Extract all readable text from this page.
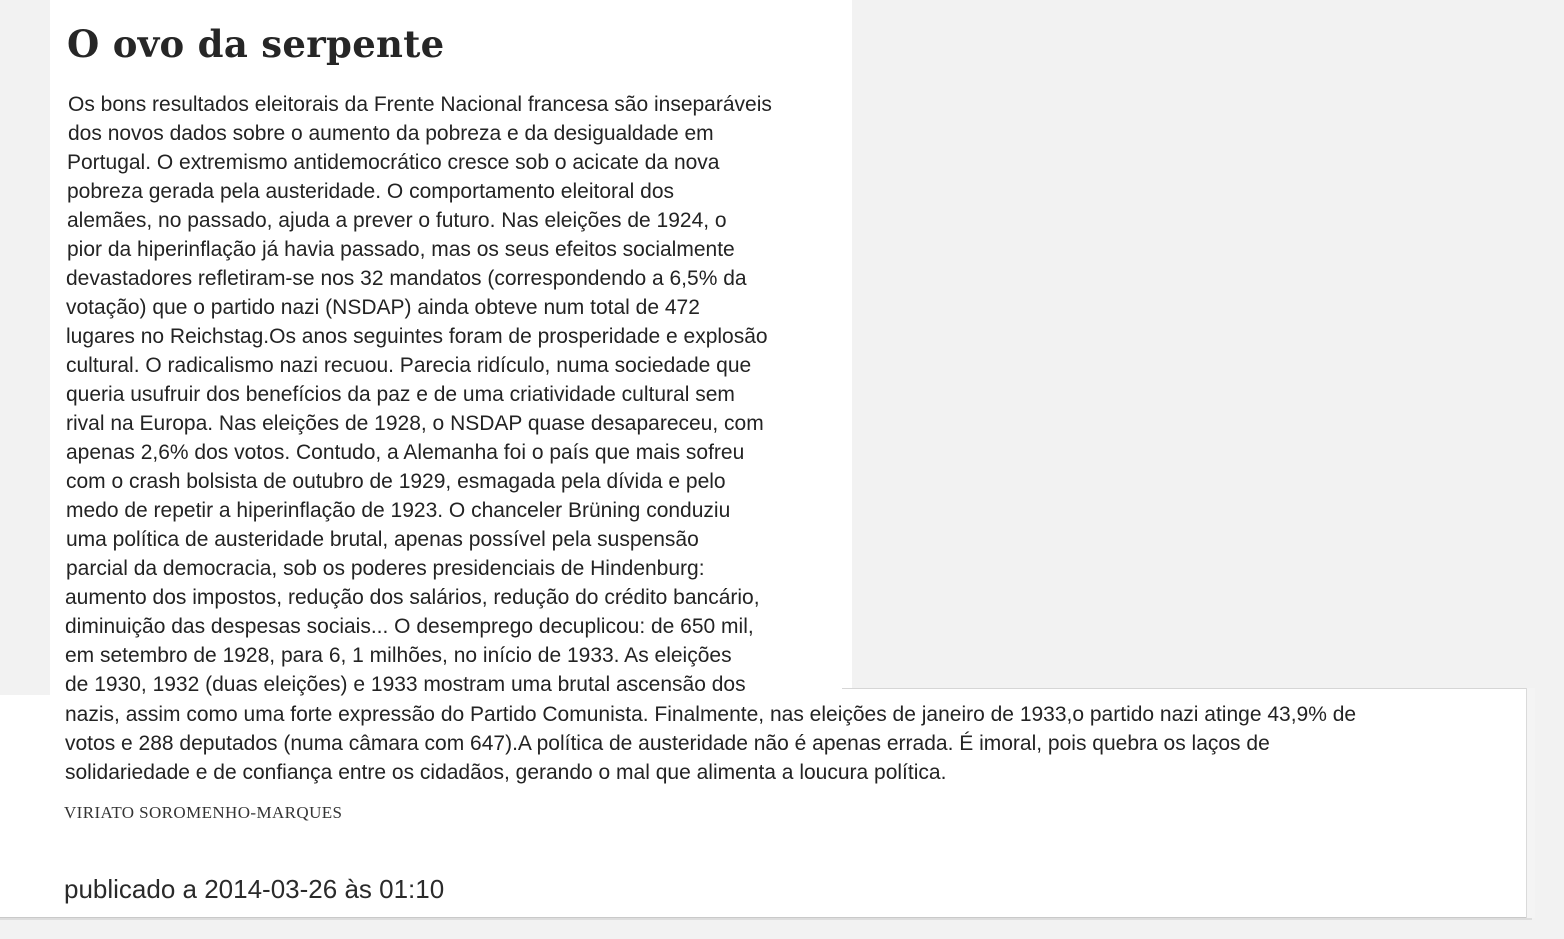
O ovo da serpente
Os bons resultados eleitorais da Frente Nacional francesa são inseparáveis
dos novos dados sobre o aumento da pobreza e da desigualdade em
Portugal. O extremismo antidemocrático cresce sob o acicate da nova
pobreza gerada pela austeridade. O comportamento eleitoral dos
alemães, no passado, ajuda a prever o futuro. Nas eleições de 1924, o
pior da hiperinflação já havia passado, mas os seus efeitos socialmente
devastadores refletiram-se nos 32 mandatos (correspondendo a 6,5% da
votação) que o partido nazi (NSDAP) ainda obteve num total de 472
lugares no Reichstag.Os anos seguintes foram de prosperidade e explosão
cultural. O radicalismo nazi recuou. Parecia ridículo, numa sociedade que
queria usufruir dos benefícios da paz e de uma criatividade cultural sem
rival na Europa. Nas eleições de 1928, o NSDAP quase desapareceu, com
apenas 2,6% dos votos. Contudo, a Alemanha foi o país que mais sofreu
com o crash bolsista de outubro de 1929, esmagada pela dívida e pelo
medo de repetir a hiperinflação de 1923. O chanceler Brüning conduziu
uma política de austeridade brutal, apenas possível pela suspensão
parcial da democracia, sob os poderes presidenciais de Hindenburg:
aumento dos impostos, redução dos salários, redução do crédito bancário,
diminuição das despesas sociais... O desemprego decuplicou: de 650 mil,
em setembro de 1928, para 6, 1 milhões, no início de 1933. As eleições
de 1930, 1932 (duas eleições) e 1933 mostram uma brutal ascensão dos
nazis, assim como uma forte expressão do Partido Comunista. Finalmente, nas eleições de janeiro de 1933,o partido nazi atinge 43,9% de
votos e 288 deputados (numa câmara com 647).A política de austeridade não é apenas errada. É imoral, pois quebra os laços de
solidariedade e de confiança entre os cidadãos, gerando o mal que alimenta a loucura política.
VIRIATO SOROMENHO-MARQUES
publicado a 2014-03-26 às 01:10
